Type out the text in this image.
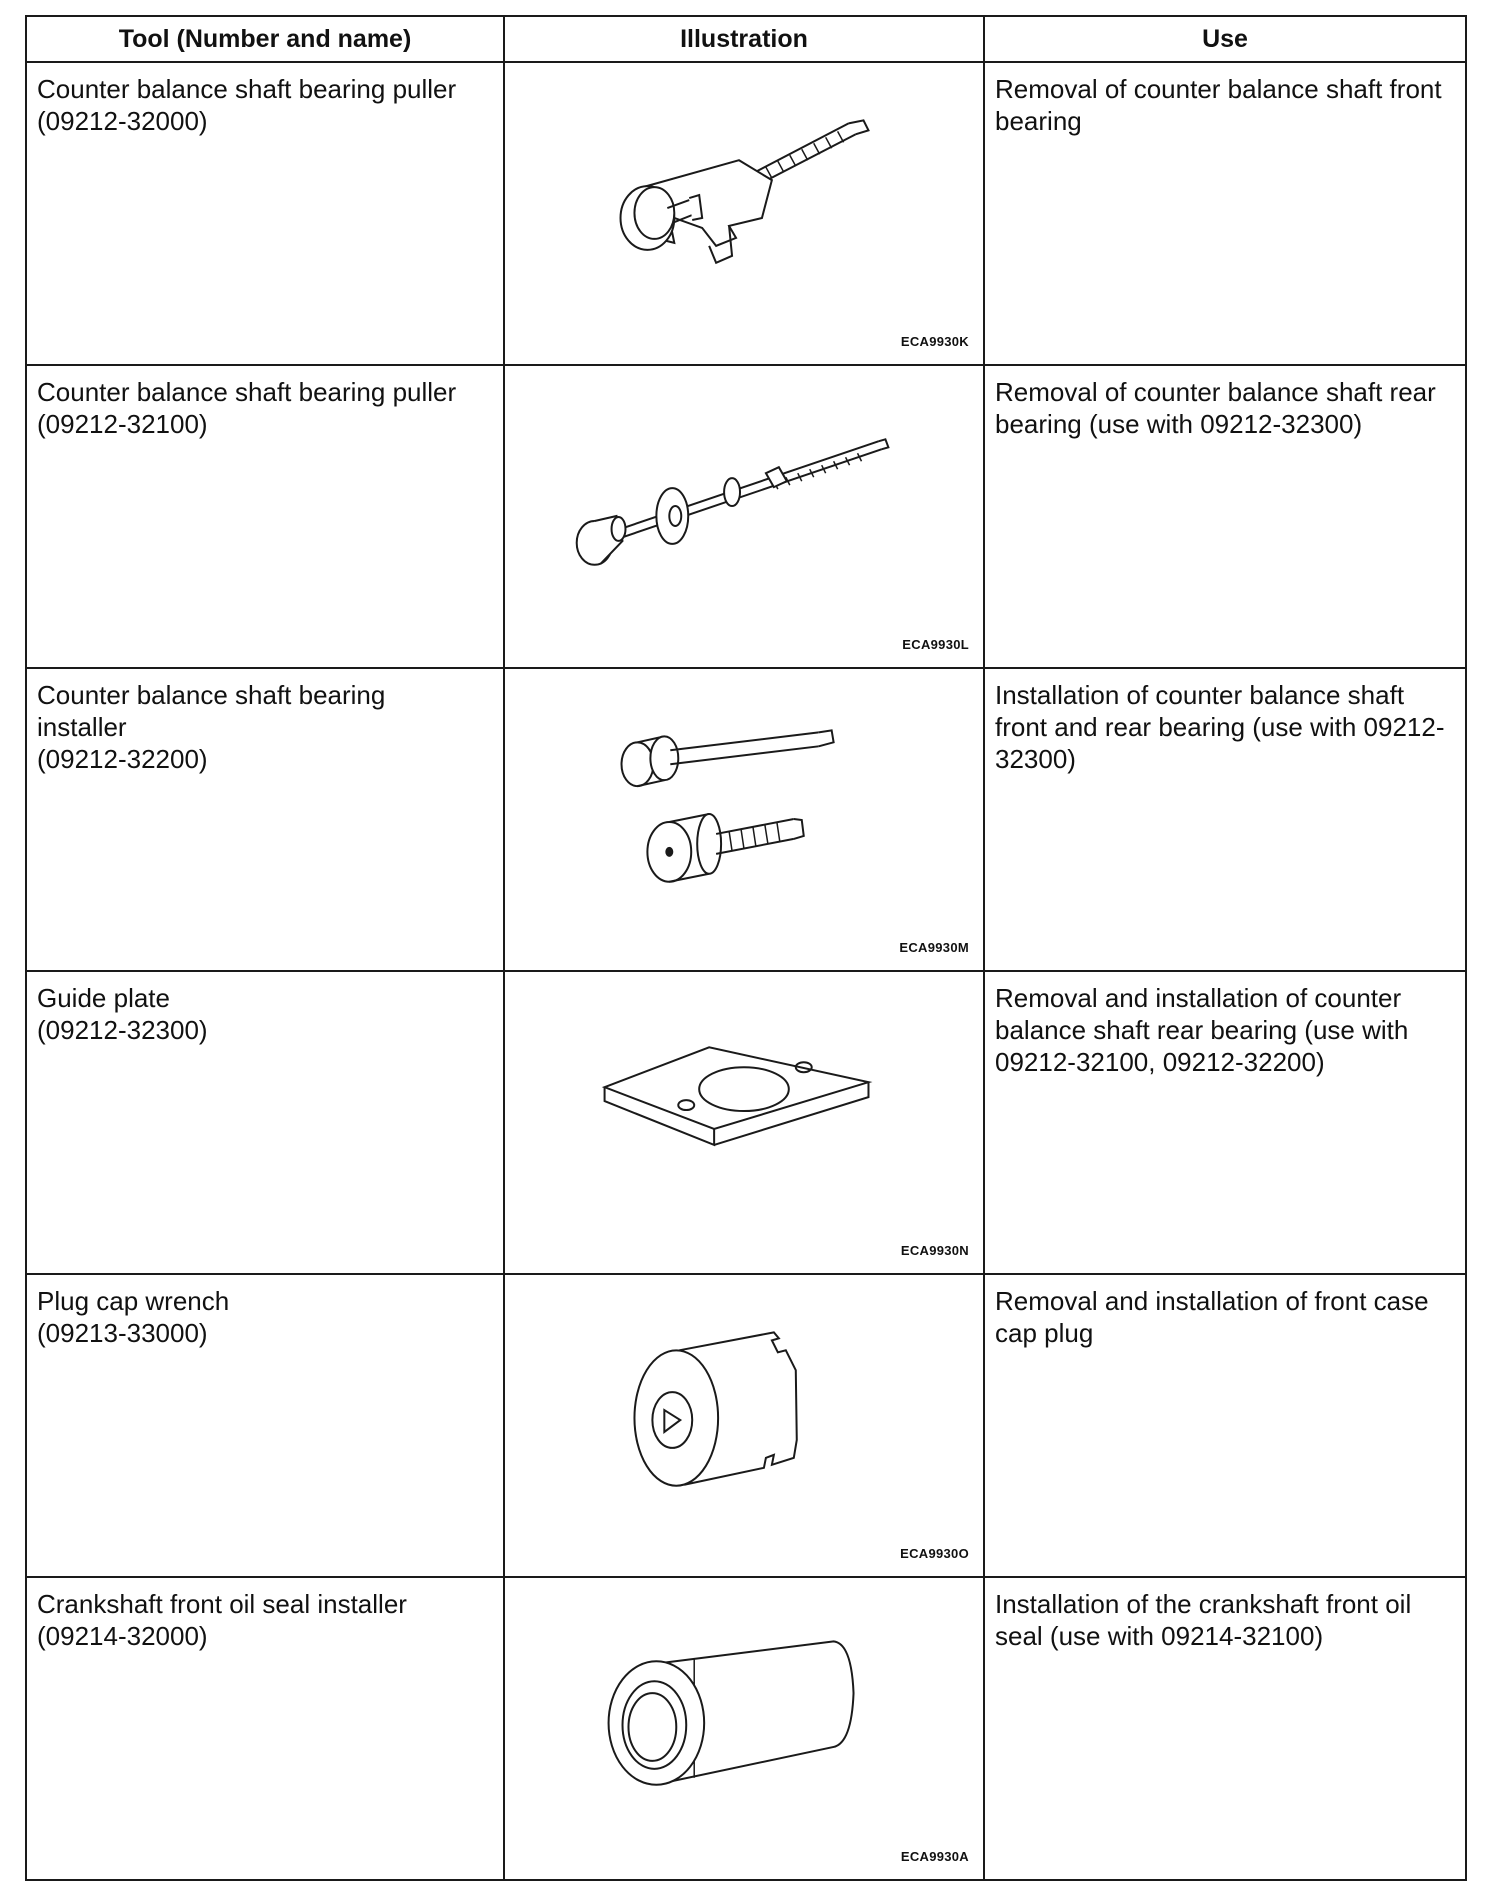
Tool (Number and name)	Illustration	Use

Counter balance shaft bearing puller
(09212-32000)	ECA9930K	Removal of counter balance shaft front bearing

Counter balance shaft bearing puller
(09212-32100)	ECA9930L	Removal of counter balance shaft rear bearing (use with 09212-32300)

Counter balance shaft bearing
installer
(09212-32200)	ECA9930M	Installation of counter balance shaft front and rear bearing (use with 09212-32300)

Guide plate
(09212-32300)	ECA9930N	Removal and installation of counter balance shaft rear bearing (use with 09212-32100, 09212-32200)

Plug cap wrench
(09213-33000)	ECA9930O	Removal and installation of front case cap plug

Crankshaft front oil seal installer
(09214-32000)	ECA9930A	Installation of the crankshaft front oil seal (use with 09214-32100)
